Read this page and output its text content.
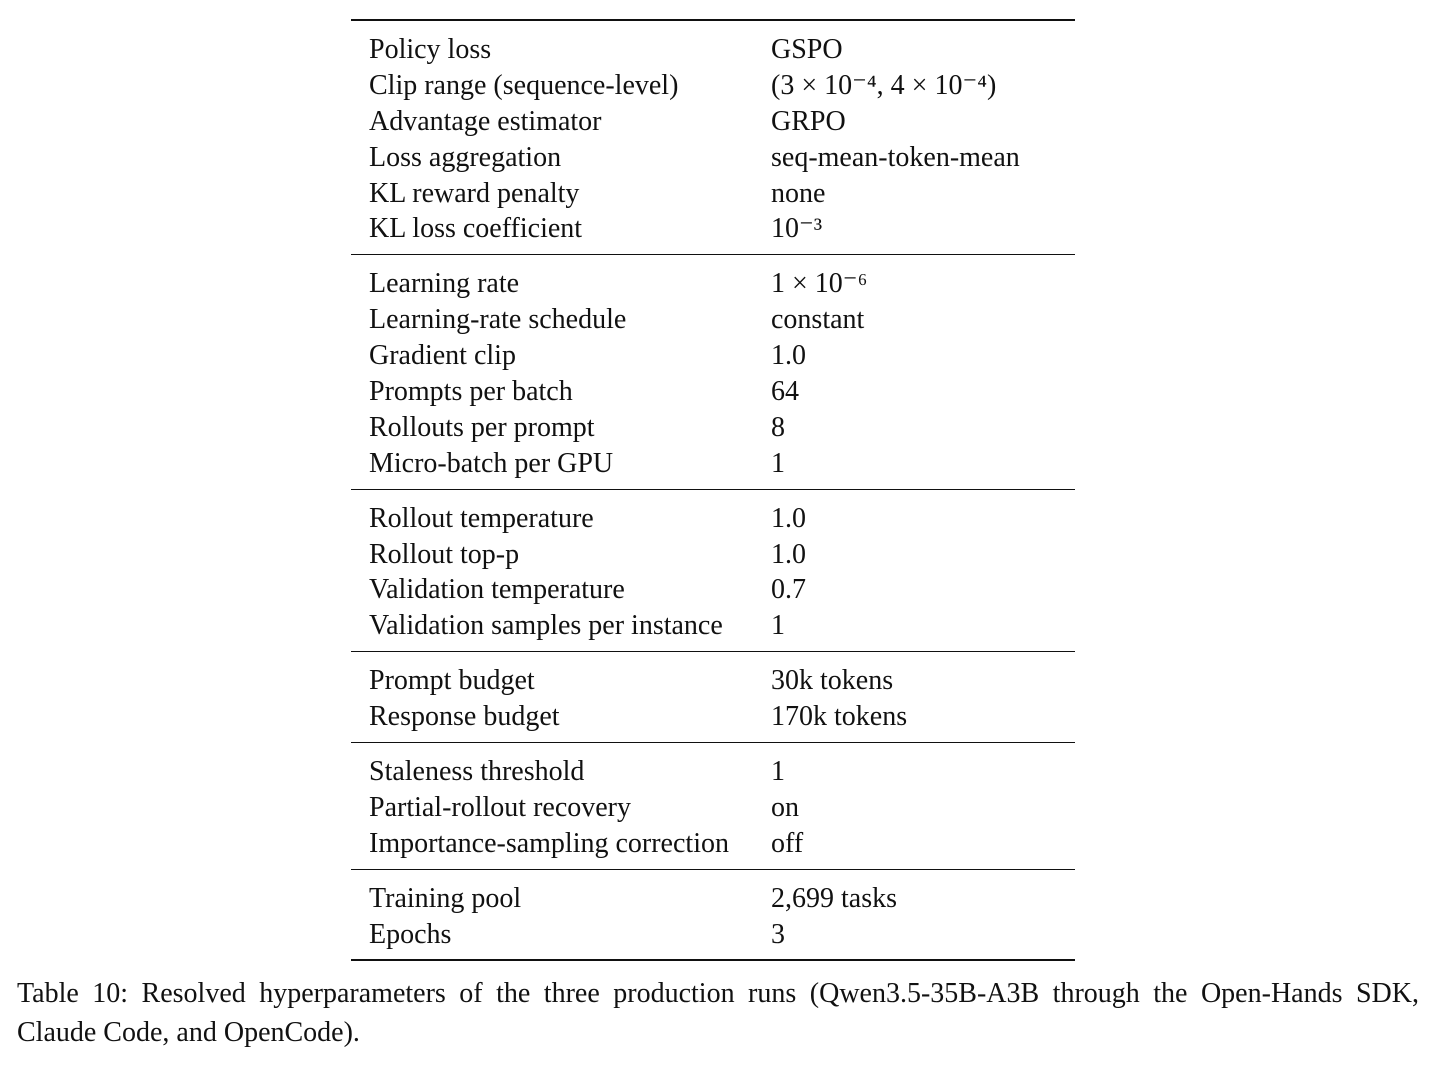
Policy loss	GSPO
Clip range (sequence-level)	(3 × 10⁻⁴, 4 × 10⁻⁴)
Advantage estimator	GRPO
Loss aggregation	seq-mean-token-mean
KL reward penalty	none
KL loss coefficient	10⁻³
Learning rate	1 × 10⁻⁶
Learning-rate schedule	constant
Gradient clip	1.0
Prompts per batch	64
Rollouts per prompt	8
Micro-batch per GPU	1
Rollout temperature	1.0
Rollout top-p	1.0
Validation temperature	0.7
Validation samples per instance	1
Prompt budget	30k tokens
Response budget	170k tokens
Staleness threshold	1
Partial-rollout recovery	on
Importance-sampling correction	off
Training pool	2,699 tasks
Epochs	3
Table 10: Resolved hyperparameters of the three production runs (Qwen3.5-35B-A3B through the Open-Hands SDK, Claude Code, and OpenCode).
